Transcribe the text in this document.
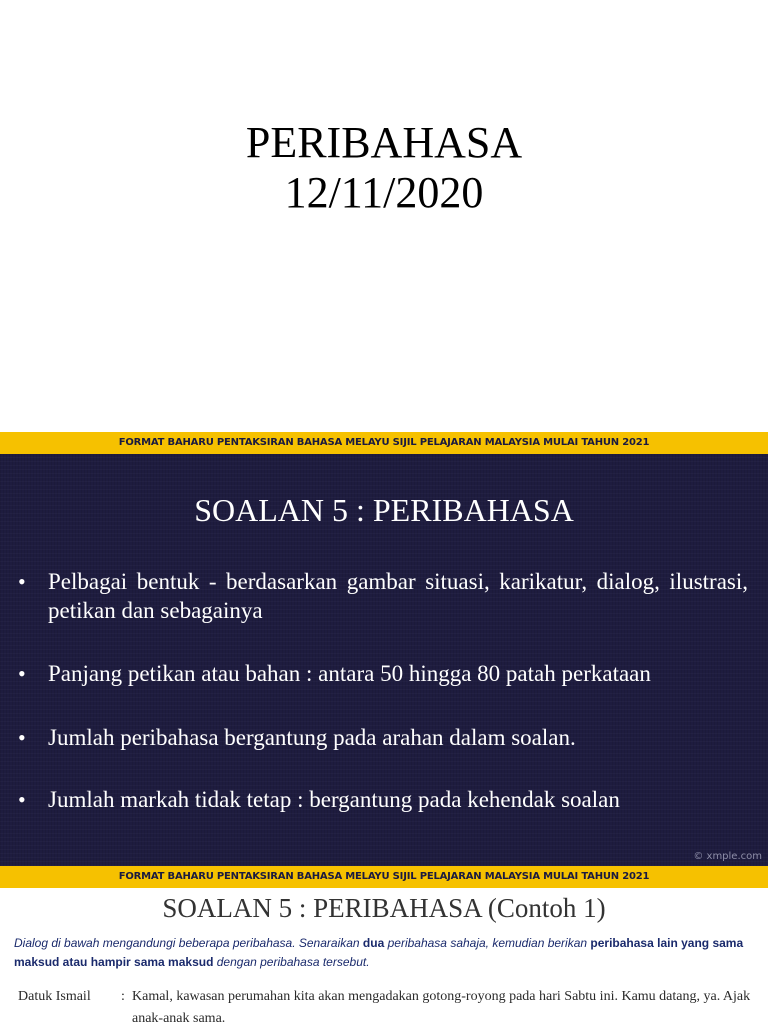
PERIBAHASA
12/11/2020
FORMAT BAHARU PENTAKSIRAN BAHASA MELAYU SIJIL PELAJARAN MALAYSIA MULAI TAHUN 2021
SOALAN 5 : PERIBAHASA
• Pelbagai bentuk - berdasarkan gambar situasi, karikatur, dialog, ilustrasi, petikan dan sebagainya
• Panjang petikan atau bahan : antara 50 hingga 80 patah perkataan
• Jumlah peribahasa bergantung pada arahan dalam soalan.
• Jumlah markah tidak tetap : bergantung pada kehendak soalan
© xmple.com
FORMAT BAHARU PENTAKSIRAN BAHASA MELAYU SIJIL PELAJARAN MALAYSIA MULAI TAHUN 2021
SOALAN 5 : PERIBAHASA (Contoh 1)
Dialog di bawah mengandungi beberapa peribahasa. Senaraikan dua peribahasa sahaja, kemudian berikan peribahasa lain yang sama maksud atau hampir sama maksud dengan peribahasa tersebut.
Datuk Ismail : Kamal, kawasan perumahan kita akan mengadakan gotong-royong pada hari Sabtu ini. Kamu datang, ya. Ajak anak-anak sama.
